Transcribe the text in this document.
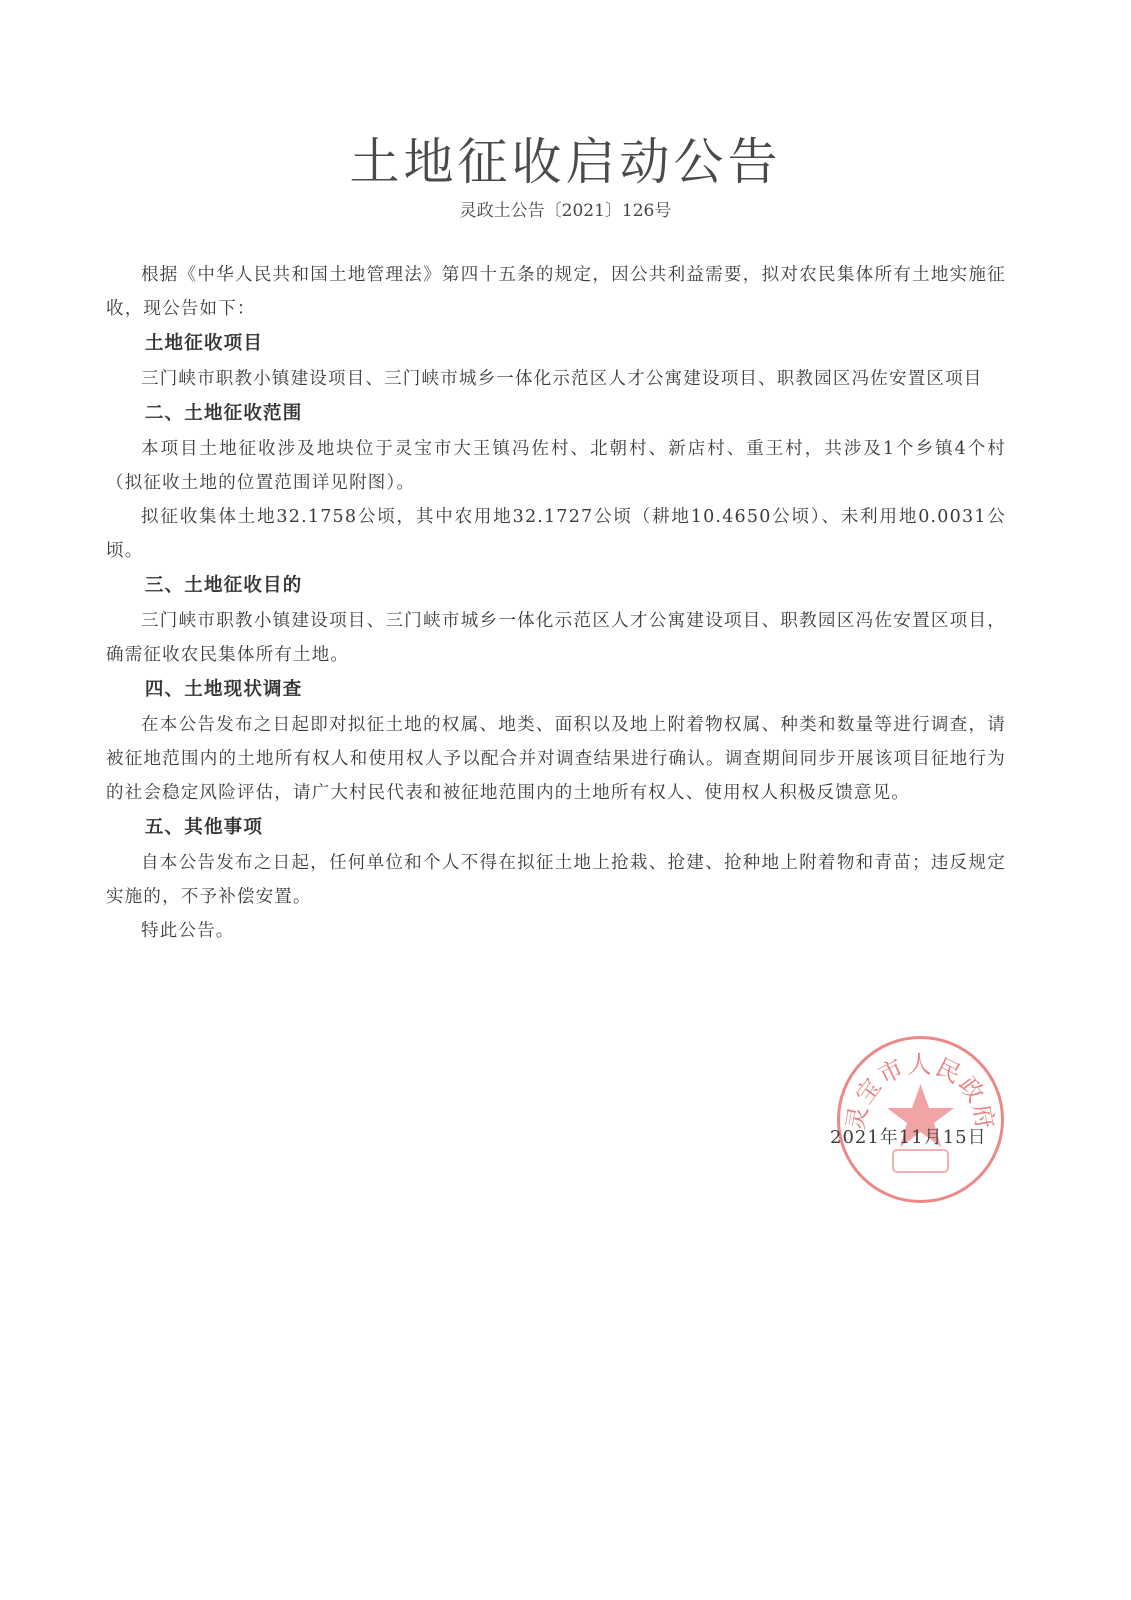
土地征收启动公告
灵政土公告〔2021〕126号

根据《中华人民共和国土地管理法》第四十五条的规定，因公共利益需要，拟对农民集体所有土地实施征收，现公告如下：

土地征收项目

三门峡市职教小镇建设项目、三门峡市城乡一体化示范区人才公寓建设项目、职教园区冯佐安置区项目

二、土地征收范围

本项目土地征收涉及地块位于灵宝市大王镇冯佐村、北朝村、新店村、重王村，共涉及1个乡镇4个村（拟征收土地的位置范围详见附图）。

拟征收集体土地32.1758公顷，其中农用地32.1727公顷（耕地10.4650公顷）、未利用地0.0031公顷。

三、土地征收目的

三门峡市职教小镇建设项目、三门峡市城乡一体化示范区人才公寓建设项目、职教园区冯佐安置区项目，确需征收农民集体所有土地。

四、土地现状调查

在本公告发布之日起即对拟征土地的权属、地类、面积以及地上附着物权属、种类和数量等进行调查，请被征地范围内的土地所有权人和使用权人予以配合并对调查结果进行确认。调查期间同步开展该项目征地行为的社会稳定风险评估，请广大村民代表和被征地范围内的土地所有权人、使用权人积极反馈意见。

五、其他事项

自本公告发布之日起，任何单位和个人不得在拟征土地上抢栽、抢建、抢种地上附着物和青苗；违反规定实施的，不予补偿安置。

特此公告。

灵宝市人民政府
2021年11月15日
